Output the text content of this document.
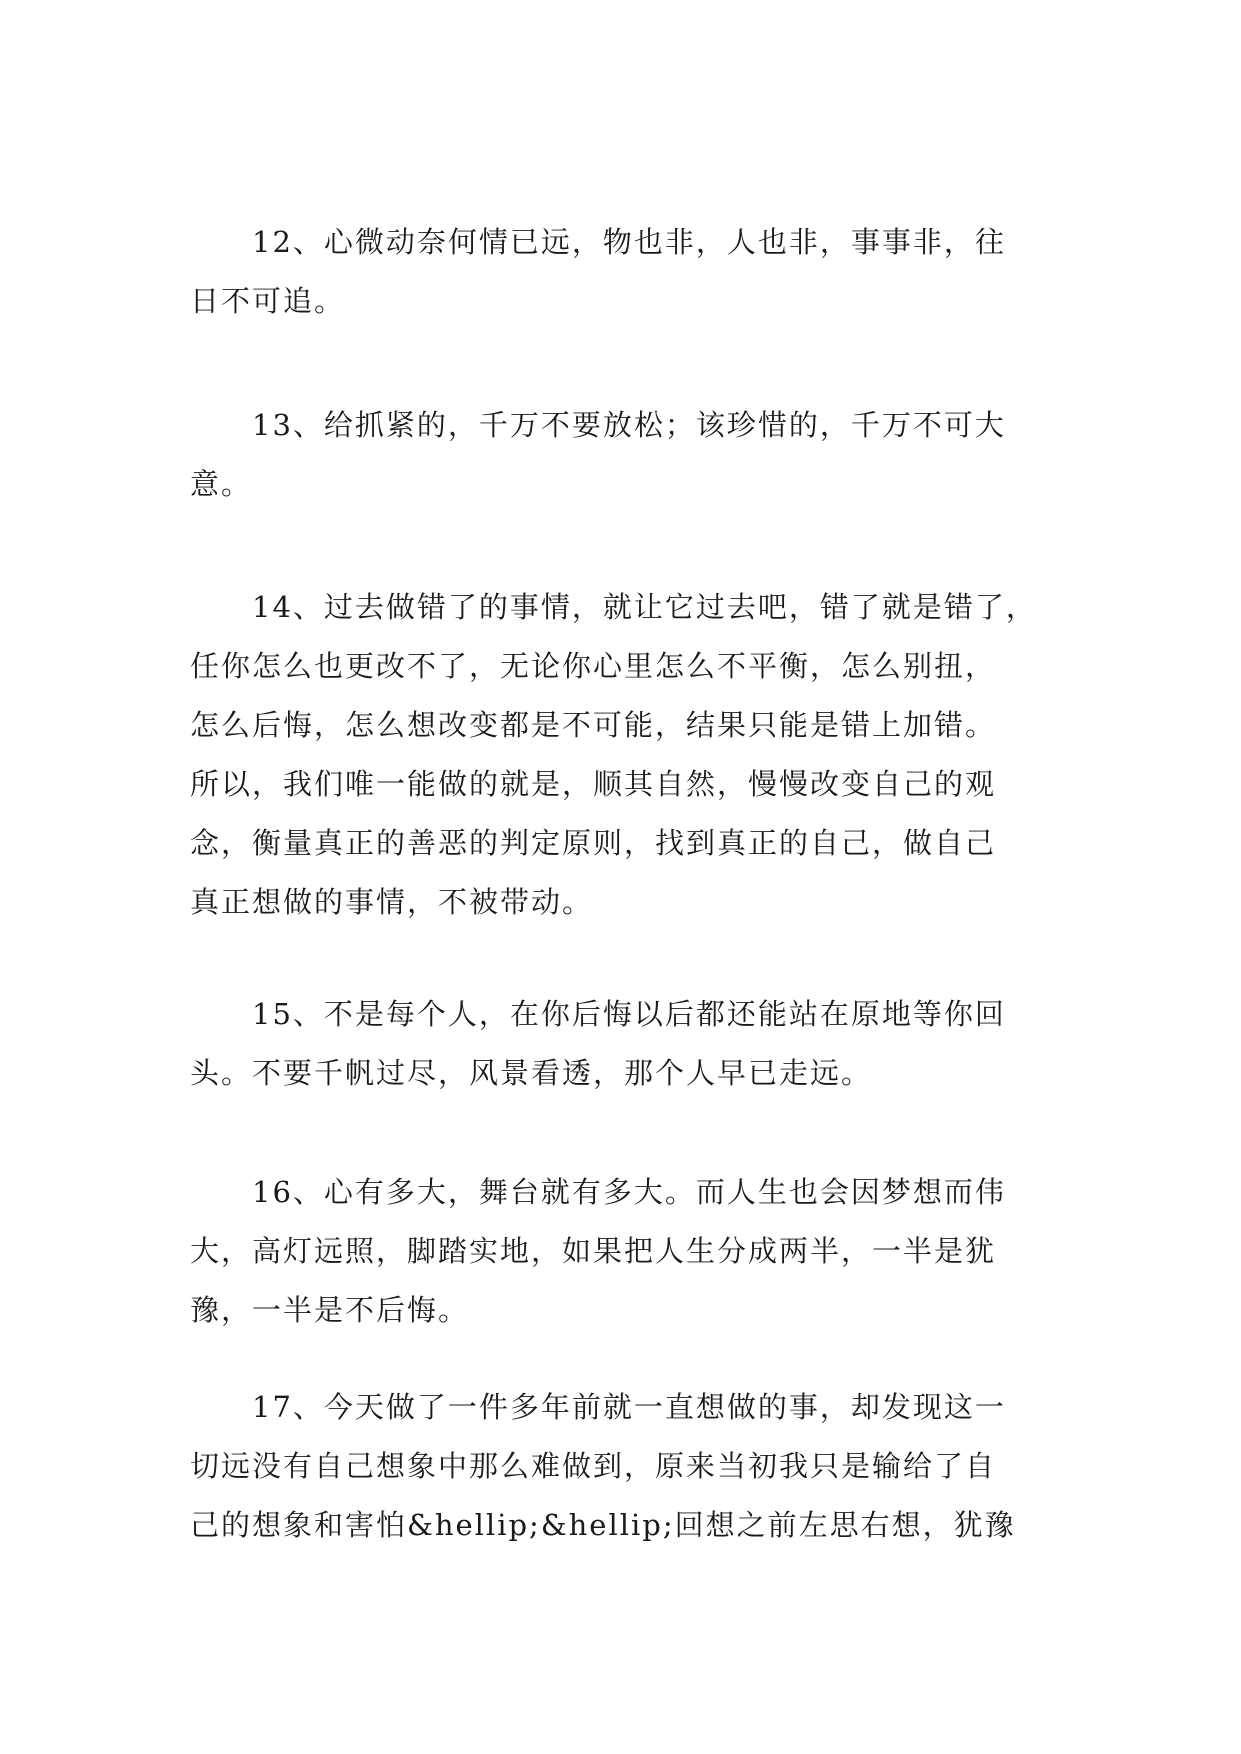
12、心微动奈何情已远，物也非，人也非，事事非，往
日不可追。
13、给抓紧的，千万不要放松；该珍惜的，千万不可大
意。
14、过去做错了的事情，就让它过去吧，错了就是错了，
任你怎么也更改不了，无论你心里怎么不平衡，怎么别扭，
怎么后悔，怎么想改变都是不可能，结果只能是错上加错。
所以，我们唯一能做的就是，顺其自然，慢慢改变自己的观
念，衡量真正的善恶的判定原则，找到真正的自己，做自己
真正想做的事情，不被带动。
15、不是每个人，在你后悔以后都还能站在原地等你回
头。不要千帆过尽，风景看透，那个人早已走远。
16、心有多大，舞台就有多大。而人生也会因梦想而伟
大，高灯远照，脚踏实地，如果把人生分成两半，一半是犹
豫，一半是不后悔。
17、今天做了一件多年前就一直想做的事，却发现这一
切远没有自己想象中那么难做到，原来当初我只是输给了自
己的想象和害怕&hellip;&hellip;回想之前左思右想，犹豫
